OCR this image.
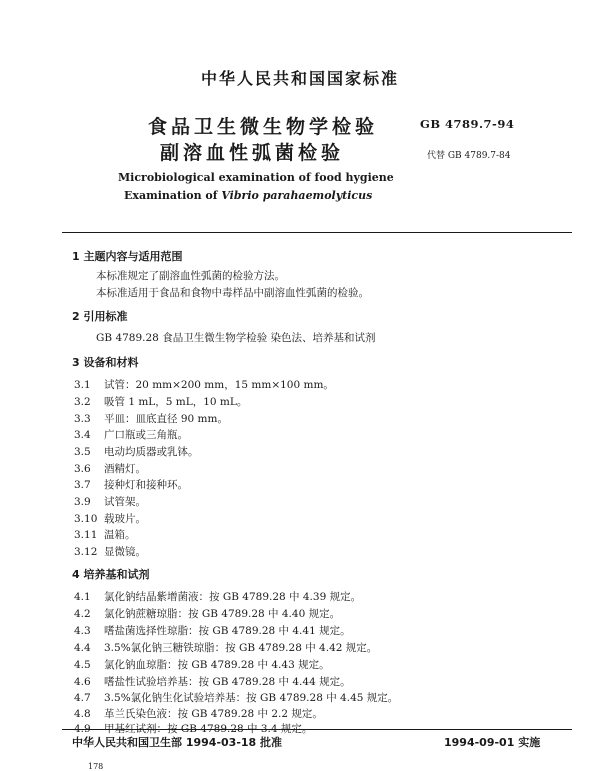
中华人民共和国国家标准
食品卫生微生物学检验
副溶血性弧菌检验
GB 4789.7-94
代替 GB 4789.7-84
Microbiological examination of food hygiene
Examination of Vibrio parahaemolyticus
1 主题内容与适用范围
本标准规定了副溶血性弧菌的检验方法。
本标准适用于食品和食物中毒样品中副溶血性弧菌的检验。
2 引用标准
GB 4789.28 食品卫生微生物学检验 染色法、培养基和试剂
3 设备和材料
3.1 试管：20 mm×200 mm，15 mm×100 mm。
3.2 吸管 1 mL，5 mL，10 mL。
3.3 平皿：皿底直径 90 mm。
3.4 广口瓶或三角瓶。
3.5 电动均质器或乳钵。
3.6 酒精灯。
3.7 接种灯和接种环。
3.9 试管架。
3.10 载玻片。
3.11 温箱。
3.12 显微镜。
4 培养基和试剂
4.1 氯化钠结晶紫增菌液：按 GB 4789.28 中 4.39 规定。
4.2 氯化钠蔗糖琼脂：按 GB 4789.28 中 4.40 规定。
4.3 嗜盐菌选择性琼脂：按 GB 4789.28 中 4.41 规定。
4.4 3.5%氯化钠三糖铁琼脂：按 GB 4789.28 中 4.42 规定。
4.5 氯化钠血琼脂：按 GB 4789.28 中 4.43 规定。
4.6 嗜盐性试验培养基：按 GB 4789.28 中 4.44 规定。
4.7 3.5%氯化钠生化试验培养基：按 GB 4789.28 中 4.45 规定。
4.8 革兰氏染色液：按 GB 4789.28 中 2.2 规定。
4.9 甲基红试剂：按 GB 4789.28 中 3.4 规定。
中华人民共和国卫生部 1994-03-18 批准	1994-09-01 实施
178
